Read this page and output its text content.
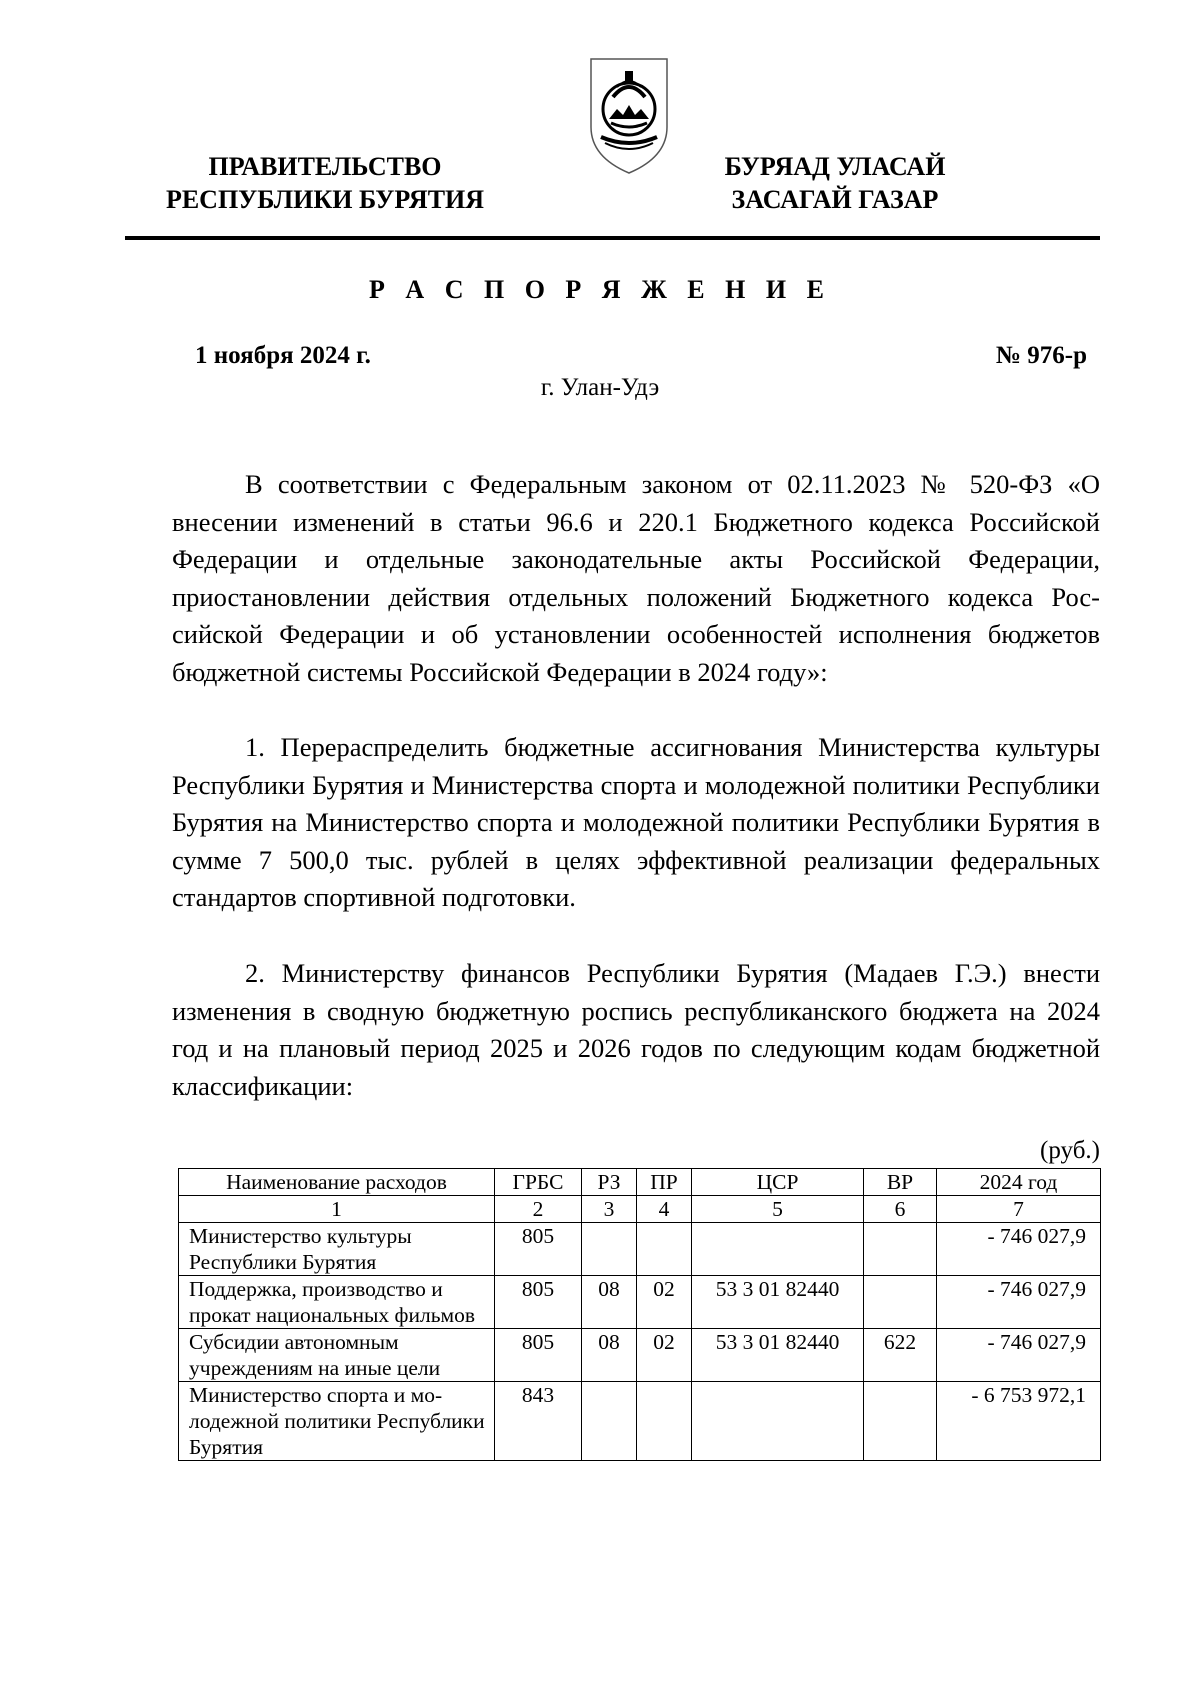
ПРАВИТЕЛЬСТВО
РЕСПУБЛИКИ БУРЯТИЯ
БУРЯАД УЛАСАЙ
ЗАСАГАЙ ГАЗАР
Р А С П О Р Я Ж Е Н И Е
1 ноября 2024 г.	№ 976-р
г. Улан-Удэ

В соответствии с Федеральным законом от 02.11.2023 № 520-ФЗ «О внесении изменений в статьи 96.6 и 220.1 Бюджетного кодекса Российской Федерации и отдельные законодательные акты Российской Федерации, приостановлении действия отдельных положений Бюджетного кодекса Российской Федерации и об установлении особенностей исполнения бюджетов бюджетной системы Российской Федерации в 2024 году»:

1. Перераспределить бюджетные ассигнования Министерства культуры Республики Бурятия и Министерства спорта и молодежной политики Республики Бурятия на Министерство спорта и молодежной политики Республики Бурятия в сумме 7 500,0 тыс. рублей в целях эффективной реализации федеральных стандартов спортивной подготовки.

2. Министерству финансов Республики Бурятия (Мадаев Г.Э.) внести изменения в сводную бюджетную роспись республиканского бюджета на 2024 год и на плановый период 2025 и 2026 годов по следующим кодам бюджетной классификации:

(руб.)
Наименование расходов	ГРБС	РЗ	ПР	ЦСР	ВР	2024 год
1	2	3	4	5	6	7
Министерство культуры Республики Бурятия	805					- 746 027,9
Поддержка, производство и прокат национальных фильмов	805	08	02	53 3 01 82440		- 746 027,9
Субсидии автономным учреждениям на иные цели	805	08	02	53 3 01 82440	622	- 746 027,9
Министерство спорта и молодежной политики Республики Бурятия	843					- 6 753 972,1
